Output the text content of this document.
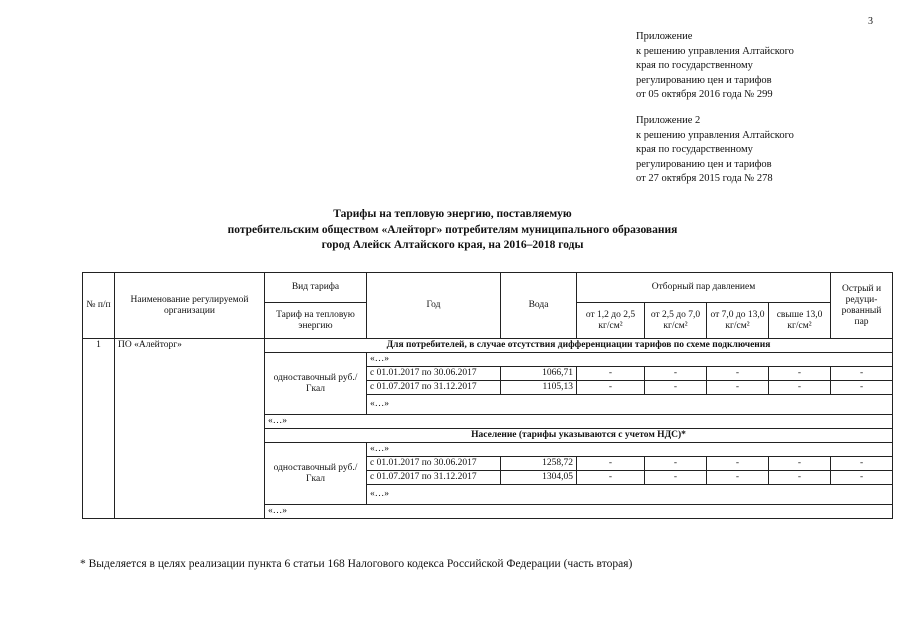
3
Приложение
к решению управления Алтайского
края по государственному
регулированию цен и тарифов
от 05 октября 2016 года № 299
Приложение 2
к решению управления Алтайского
края по государственному
регулированию цен и тарифов
от 27 октября 2015 года № 278
Тарифы на тепловую энергию, поставляемую
потребительским обществом «Алейторг» потребителям муниципального образования
город Алейск Алтайского края, на 2016–2018 годы
№ п/п	Наименование регулируемой организации	Вид тарифа	Год	Вода	Отборный пар давлением				Острый и редуци-рованный пар
		Тариф на тепловую энергию			от 1,2 до 2,5 кг/см²	от 2,5 до 7,0 кг/см²	от 7,0 до 13,0 кг/см²	свыше 13,0 кг/см²	
1	ПО «Алейторг»	Для потребителей, в случае отсутствия дифференциации тарифов по схеме подключения							
		одноставочный руб./Гкал	«…»						
			с 01.01.2017 по 30.06.2017	1066,71	-	-	-	-	-
			с 01.07.2017 по 31.12.2017	1105,13	-	-	-	-	-
			«…»						
		«…»							
		Население (тарифы указываются с учетом НДС)*							
		одноставочный руб./Гкал	«…»						
			с 01.01.2017 по 30.06.2017	1258,72	-	-	-	-	-
			с 01.07.2017 по 31.12.2017	1304,05	-	-	-	-	-
			«…»						
		«…»							
* Выделяется в целях реализации пункта 6 статьи 168 Налогового кодекса Российской Федерации (часть вторая)
